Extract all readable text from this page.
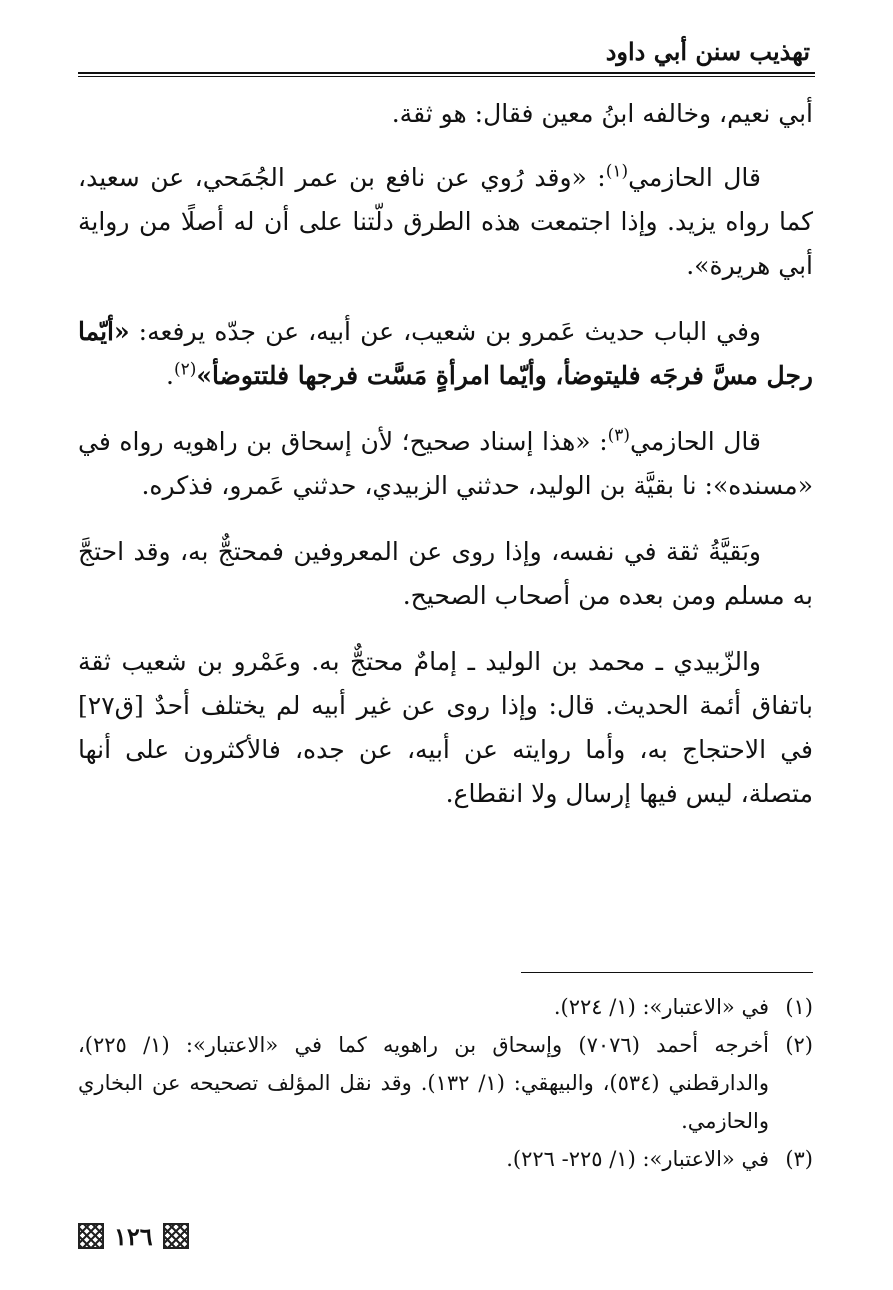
تهذيب سنن أبي داود

أبي نعيم، وخالفه ابنُ معين فقال: هو ثقة.

قال الحازمي$^{(١)}$: «وقد رُوي عن نافع بن عمر الجُمَحي، عن سعيد، كما رواه يزيد. وإذا اجتمعت هذه الطرق دلّتنا على أن له أصلًا من رواية أبي هريرة».

وفي الباب حديث عَمرو بن شعيب، عن أبيه، عن جدّه يرفعه: «أيّما رجل مسَّ فرجَه فليتوضأ، وأيّما امرأةٍ مَسَّت فرجها فلتتوضأ»$^{(٢)}$.

قال الحازمي$^{(٣)}$: «هذا إسناد صحيح؛ لأن إسحاق بن راهويه رواه في «مسنده»: نا بقيَّة بن الوليد، حدثني الزبيدي، حدثني عَمرو، فذكره.

وبَقيَّةُ ثقة في نفسه، وإذا روى عن المعروفين فمحتجٌّ به، وقد احتجَّ به مسلم ومن بعده من أصحاب الصحيح.

والزّبيدي ـ محمد بن الوليد ـ إمامٌ محتجٌّ به. وعَمْرو بن شعيب ثقة باتفاق أئمة الحديث. قال: وإذا روى عن غير أبيه لم يختلف أحدٌ [ق٢٧] في الاحتجاج به، وأما روايته عن أبيه، عن جده، فالأكثرون على أنها متصلة، ليس فيها إرسال ولا انقطاع.

(١)
في «الاعتبار»: (١/ ٢٢٤).

(٢)
أخرجه أحمد (٧٠٧٦) وإسحاق بن راهويه كما في «الاعتبار»: (١/ ٢٢٥)، والدارقطني (٥٣٤)، والبيهقي: (١/ ١٣٢). وقد نقل المؤلف تصحيحه عن البخاري والحازمي.

(٣)
في «الاعتبار»: (١/ ٢٢٥- ٢٢٦).

١٢٦
